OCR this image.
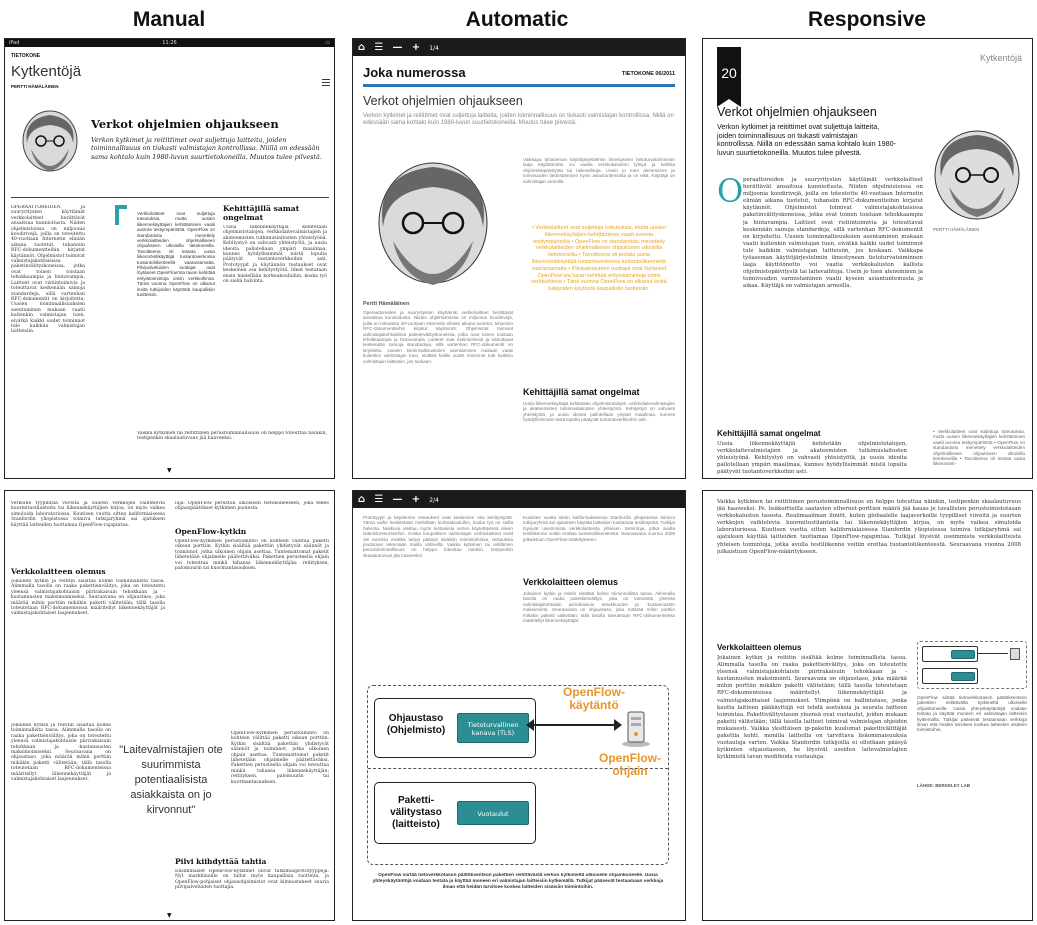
Manual	Automatic	Responsive
iPad	11:26	▭
TIETOKONE
Kytkentöjä
PERTTI HÄMÄLÄINEN
Verkot ohjelmien ohjaukseen
Verkon kytkimet ja reitittimet ovat suljettuja laitteita, joiden toiminnallisuus on tiukasti valmistajan kontrollissa. Niillä on edessään sama kohtalo kuin 1980-luvun suurtietokoneilla. Muutos tulee pilvestä.
OPERAATTOREIDEN ja suuryritysten käyttämät verkkolaitteet herättävät ansaitsua kunnioitusta. Niiden ohjelmistoissa on miljoonia koodirivejä, joilla on toteutettu 40-vuotiaan Internetin eliniän aikana tuotetut, tuhanniin RFC-dokumentteihin kirjatut käytännöt. Ohjelmistot toimivat valmistajakohtaisissa paketinvälityskoneissa, jotka ovat toinen toistaan tehokkaampia ja hintavampia. Laitteet ovat ristiintoimivia ja toteuttavat keskenään samoja standardeja, sillä vartenhan RFC-dokumentit on kirjoitettu. Uusien toiminnallisuuksien asentaminen mukaan vaatii kuitenkin valmistajan tuen, eivätkä kaikki uudet toiminnot tule kaikkiin valmistajan laitteisiin.
Verkkolaitteet ovat suljettuja toteutuksia, mutta uusien liikennekäyttäjien kehittäminen vaatii avointa testiympäristöä. OpenFlow on standardoitu menettely verkkolaitteiden ohjelmalliseen ohjaukseen ulkoisilla tietokoneilla. Tavoitteena oli testata uusia liikennöintikäyttäjä tuotantoverkossa tuotantoliikenteellä vaarantamatta. Pilvipalveluiden tuottajat ovat löytäneet OpenFlow'sta tavan kehittää erityistoimintoja omiin verkkoihinsa. Tämä vuonna OpenFlow on alkanut levitä tutkijoiden käytöstä kaupallisiin tuotteisiin.
Kehittäjillä samat ongelmat
Uusia liikennekäyttäjiä kehitetään ohjelmistotalojen, verkkolaitevalmistajien ja akateemisten tutkimuslaitosten yhteistyönä. Kehitystyö on vahvasti yhteistyötä, ja uusia ideoita pallotellaan ympäri maailmaa, kunnes hyödyllisimmät niistä lopulta päätyvät tuotantoverkkoihin asti. Prototyypit ja käytännön testaukset ovat keskeinen osa kehitystyötä. Ideat testataan ensin mielellään korkeakouluihin, koska työ on siellä halvinta.
Vaikka kytkimen tai reitittimen perustoiminnallisuus on helppo toteuttaa näinkin, testipenkin skaalautuvuus jää haaveeksi.
▼
⌂ ☰ — + 1/4
Joka numerossa	TIETOKONE 06/2011
Verkot ohjelmien ohjaukseen
Verkon kytkimet ja reitittimet ovat suljettuja laitteita, joiden toiminnallisuus on tiukasti valmistajan kontrollissa. Niillä on edessään sama kohtalo kuin 1980-luvun suurtietokoneilla. Muutos tulee pilvestä.
Vaikkapa työaseman käyttöjärjestelmin ilmestyneen tietoturvatoiminnan laaja käyttöönotto voi vaatia verkkokaluston lyhtyä ja kallista ohjelmistopäivitystä tai laitevaihtoja. Usein jo tuen aleneminen ja toimivuuden tiedostaminen hyvin asiantuntemusta ja on eikä. Käyttäjä on valmistajan armoilla.
• Verkkolaitteet ovat suljettuja toteutuksia, mutta uusien liikennekäyttäjien kehittäminen vaatii avointa testiympäristöä • OpenFlow on standardoitu menettely verkkolaitteiden ohjelmalliseen ohjaukseen ulkoisilla tietokoneilla • Tavoitteena oli testata uusia liikennöintikäyttäjä tuotantoverkossa tuotantoliikennettä vaarantamatta • Pilvipalveluiden tuottajat ovat löytäneet OpenFlow'sta tavan kehittää erityistoimintoja omiin verkkoihinsa • Tänä vuonna OpenFlow on alkanut levitä tutkijoiden käytöstä kaupallisiin tuotteisiin.
Pertti Hämäläinen
Operaattoreiden ja suuryritysten käyttämät verkkolaitteet herättävät ansaitsua kunnioitusta. Niiden ohjelmistoissa on miljoonia koodirivejä, joilla on toteutettu 40-vuotiaan Internetin eliniän aikana tuotetut, tuhansiin RFC-dokumentteihin kirjatut käytännöt. Ohjelmistot toimivat valmistajakohtaisissa paketinvälityskoneissa, jotka ovat toinen toistaan tehokkaampia ja hintavampia. Laitteet ovat ristiintoimivia ja toteuttavat keskenään samoja standardeja, sillä vartenhan RFC-dokumentit on kirjoitettu. Uusien toiminnallisuuksien asentaminen mukaan vaatii kuitenkin valmistajan tuen, eivätkä kaikki uudet toiminnot tule kaikkiin valmistajan laitteisiin, jos tuokaan.
Kehittäjillä samat ongelmat
Uusia liikennekäyttäjiä kehitetään ohjelmistotalojen, verkkolaitevalmistajien ja akateemisten tutkimuslaitosten yhteistyönä. Kehitystyö on vahvasti yhteistyötä, ja uusia ideoita pallotellaan ympäri maailmaa, kunnes hyödyllisimmät niistä lopulta päätyvät tuotantoverkkoihin asti.
20
Kytkentöjä
Verkot ohjelmien ohjaukseen
Verkon kytkimet ja reitittimet ovat suljettuja laitteita, joiden toiminnallisuus on tiukasti valmistajan kontrollissa. Niillä on edessään sama kohtalo kuin 1980-luvun suurtietokoneilla. Muutos tulee pilvestä.
PERTTI HÄMÄLÄINEN
O peraattoreiden ja suuryritysten käyttämät verkkolaitteet herättävät ansaitsua kunnioitusta. Niiden ohjelmistoissa on miljoonia koodirivejä, joilla on toteutettu 40-vuotiaan Internetin eliniän aikana tuotetut, tuhansiin RFC-dokumentteihin kirjatut käytännöt. Ohjelmistot toimivat valmistajakohtaisissa paketinvälityskoneissa, jotka ovat toinen toistaan tehokkaampia ja hintavampia. Laitteet ovat ristiintoimivia ja toteuttavat keskenään samoja standardeja, sillä vartenhan RFC-dokumentit on kirjoitettu. Uusien toiminnallisuuksien asentaminen mukaan vaatii kuitenkin valmistajan tuen, eivätkä kaikki uudet toiminnot tule kaikkiin valmistajan laitteisiin, jos koskaan. Vaikkapa työaseman käyttöjärjestelmiin ilmestyneen tietoturvatoiminnon laaja käyttöönotto voi vaatia verkkokaluston kallista ohjelmistopäivitystä tai laitevaihtoja. Usein jo tuen aleneminen ja toimivuuden varmistaminen vaatii kyseen asiantuntemusta ja aikaa. Käyttäjä on valmistajan armoilla.
Kehittäjillä samat ongelmat
Uusia liikennekäyttäjiä kehitetään ohjelmistotalojen, verkkolaitevalmistajien ja akateemisten tutkimuslaitosten yhteistyönä. Kehitystyö on vahvasti yhteistyötä, ja uusia ideoita pallotellaan ympäri maailmaa, kunnes hyödyllisimmät niistä lopulta päätyvät tuotantoverkkoihin asti.
• Verkkolaitteet ovat suljettuja toteutuksia, mutta uusien liikennekäyttäjien kehittäminen vaatii avointa testiympäristöä • OpenFlow on standardoitu menettely verkkolaitteiden ohjelmalliseen ohjaukseen ulkoisilla tietokoneilla • Tavoitteena oli testata uusia liikennöinti-
verkoille tyypillisiä viiveitä ja suuren verkkojen vaihtelevia kuormitustilanteita tai liikennekäyttäjien kirjoa, on myös vaikea simuloida laboratoriossa. Kuutisen vuotta sitten kaliforniaisessa Stanfordin yliopistossa toimiva tutkijaryhmä sai ajatuksen käyttää laitteiden tuottamaa OpenFlow-rajapintaa.
Verkkolaitteen olemus
Jokainen kytkin ja reititin sisältää kolme toiminnallista tasoa. Alimmalla tasolla on raaka pakettienvälitys, joka on toteutettu yleensä valmistajakohtaisin piirirakaisuin tehokkaan ja -kustannusten maksimoimiseksi. Seuraavana on ohjaustaso, joka määrää mihin porttiin mikäkin paketti välitetään; tällä tasolla toteutetaan RFC-dokumenteissa määritellyt liikennekäyttäjät ja valmistajakohtaiset laajennukset.
"Laitevalmistajien ote suurimmista potentiaalisista asiakkaista on jo kirvonnut"
Jokainen kytkin ja reititin sisältää kolme toiminnallista tasoa. Alimmalla tasolla on raaka pakettienvälitys, joka on toteutettu yleensä valmistajakohtaisin piirirakaisuin tehokkaan ja -kustannusten maksimoimiseksi. Seuraavana on ohjaustaso, joka määrää mihin porttiin mikäkin paketti välitetään; tällä tasolla toteutetaan RFC-dokumenteissa määritellyt liikennekäyttäjät ja valmistajakohtaiset laajennukset.
luja. OpenFlow perustuu ulkoiseen tietokoneeseen, joka tekee ohjauspäätökset kytkimen puolesta.
OpenFlow-kytkin
OpenFlow-kytkimen perustoiminto on kohteen välittää paketti oikean porttiin. Kytkin sisältää pakettiin yhdistyvät säännöt ja toiminnot, jotka ulkoinen ohjain asettaa. Tuntemattomat paketit lähetetään ohjaimelle päätettäväksi. Pakettien perusteella ohjain voi toteuttaa minkä tahansa liikennekäyttäjän: reitityksen, palomuurin tai kuormantasauksen.
OpenFlow-kytkimen perustoiminto on kohteen välittää paketti oikean porttiin. Kytkin sisältää pakettiin yhdistyvät säännöt ja toiminnot, jotka ulkoinen ohjain asettaa. Tuntemattomat paketit lähetetään ohjaimelle päätettäväksi. Pakettien perusteella ohjain voi toteuttaa minkä tahansa liikennekäyttäjän: reitityksen, palomuurin tai kuormantasauksen.
Pilvi kiihdyttää tahtia
Ensimmäiset OpenFlow-kytkimet olivat tutkimusprototyyppejä. Nyt markkinoille on tullut myös kaupallisia tuotteita, ja OpenFlow-pohjaiset ohjausohjelmistot ovat kiinnostaneet suuria pilvipalveluiden tuottajia.
▼
⌂ ☰ — + 2/4
Prototyypit ja käytännön testaukset ovat keskeinen osa kehitystyötä. Tämä vaihe keskitetään mielellään korkeakouluihin, koska työ on siellä halvinta. Nukkuva uleittuu myös testauksia varten käytettävissä olevin laitteistoresursseihin. Koska kaupallisen valmistajan verkkolaitteet eivät ole avoimia eivätkä tarjoa pääsyä sisäisiin toimintoihinsa, testauksia joudutaan tekemään muilla välineillä. Vaikka kytkimen tai reitittimen perustoiminnallisuus on helppo toteuttaa näinkin, testipenkin skaalautuvuus jää haaveeksi.
Kuutisen vuotta sitten kalifornialaisessa Stanfordin yliopistossa toimiva tutkijaryhmä sai ajatuksen käyttää laitteiden tuottamaa testikäyttöä. Tutkijat löysivät useimmista verkkolaitteista yhteisen toimintoja, jotka avulla testiliikenne voitiin erottaa tuotantoliikenteestä. Seuraavana vuonna 2008 julkaistuun OpenFlow-määritykseen.
Verkkolaitteen olemus
Jokainen kytkin ja reititin sisältää kolme toiminnallista tasoa. Alimmalla tasolla on raaka pakettienvälitys, joka on toteutettu yleensä valmistajakohtaisin piirirakaisuin tehokkuuden ja -kustannusten maksimointi. Seuraavana on ohjaustaso, joka määrää mihin porttiin mikäkin paketti välitetään; tällä tasolla toteutetaan RFC-dokumenteissa määritellyt liikennekäyttäjät.
Ohjaustaso (Ohjelmisto)	Tietoturvallinen kanava (TLS)
Paketti-välitystaso (laitteisto)
Vuotaulut
OpenFlow-käytäntö
OpenFlow-ohjain
OpenFlow siirtää tietoverkkotason päätöksenteon pakettien reitittävästä verkon kytkimeltä ulkoiselle ohjainkoneelle. Uusia yhteyskäytäntöjä voidaan testata ja käyttää moneen eri valmistajan laitteisiin kytkemällä. Tutkijat pääsevät testaamaan verkkoja ilman että heidän tarvitsee koskea laitteiden sisäisiin toimintoihin.
Vaikka kytkimen tai reitittimen perustoiminnallisuus on helppo toteuttaa näinkin, testipenkin skaalautuvuus jää haaveeksi. Ps. lisäkortteilla saatavien ethernet-porttien määrä jää kauas je tavallisten perustoimistotasan verkkokaluston tasosta. Realimaailman ilmiöt, kuten globaalelle laajaverkoille tyypilliset viiveitä ja suurten verkkojen vaihtelevia kuormitustilanteita tai liikennekäyttäjien kirjoa, on myös vaikea simuloida laboratoriossa. Kuutisen vuotta sitten kalifornialaisessa Stanfordin yliopistossa toimiva tutkijaryhmä sai ajatuksen käyttää laitteiden tuottamaa OpenFlow-rajapintaa. Tutkijat löysivät useimmista verkkolaitteista yhteisen toimintoja, jotka avulla testiliikenne voitiin erottaa tuotantoliikenteestä. Seuraavana vuonna 2008 julkaistuun OpenFlow-määritykseen.
Verkkolaitteen olemus
Jokainen kytkin ja reititin sisältää kolme toiminnallista tasoa. Alimmalla tasolla on raaka pakettienvälitys, joka on toteutettu yleensä valmistajakohtaisin piirirakaisuin tehokkaan ja -kustannusten maksimointi. Seuraavana on ohjaustaso, joka määrää mihin porttiin mikäkin paketti välitetään; tällä tasolla toteutetaan RFC-dokumenteissa määritellyt liikennekäyttäjät ja valmistajakohtaiset laajennukset. Ylimpänä on hallintataso, jonka kautta laitteen pääkäyttäjä voi tehdä asetuksia ja seurata laitteen toimintaa. Pakettivälitystason yleensä ovat vuotaulut, joiden mukaan paketti välitetään; tällä tasolla laitteet toimivat valmistajan ohjeiden mukaisesti. Vaikka yksittäisen ip-paketin kuulumat pakettivälittäjät pakettia kohti, monilla laitteilla on tarvittava lisäominaisuuksia vuotauluja varten. Vaikka Stanfordin tutkijoilla ei ollutkaan pääsyä kytkinten ohjaustasoon, he löysivät useiden laitevalmistajien kytkimistä tavan modifioida vuotauluja.
OpenFlow siirtää tietoverkkotason päätöksenteon pakettien reitittävältä kytkimeltä ulkoiselle ohjainkoneelle. Uusia yhteyskäytäntöjä voidaan testata ja käyttää moneen eri valmistajan laitteisiin kytkemällä. Tutkijat pääsevät testaamaan verkkoja ilman että heidän tarvitsee koskea laitteiden sisäisiin toimintoihin.
LÄHDE: BERKELEY LAB
